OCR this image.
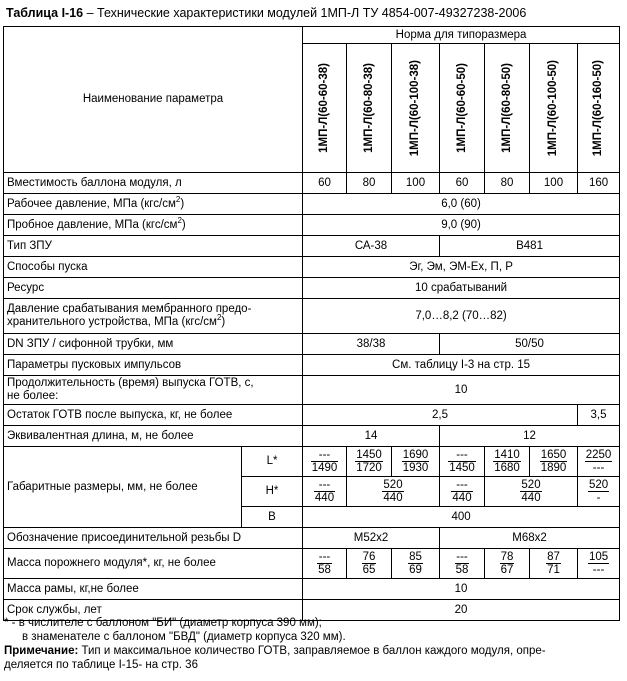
Таблица I-16 – Технические характеристики модулей 1МП-Л ТУ 4854-007-49327238-2006
Наименование параметра		Норма для типоразмера						

		1МП-Л(60-60-38)	1МП-Л(60-80-38)	1МП-Л(60-100-38)	1МП-Л(60-60-50)	1МП-Л(60-80-50)	1МП-Л(60-100-50)	1МП-Л(60-160-50)

Вместимость баллона модуля, л		60	80	100	60	80	100	160
Рабочее давление, МПа $(кгс/см^2)$		6,0 (60)						
Пробное давление, МПа $(кгс/см^2)$		9,0 (90)						
Тип ЗПУ		СА-38			В481			
Способы пуска		Эг, Эм, ЭМ-Ех, П, Р						
Ресурс		10 срабатываний						
Давление срабатывания мембранного предо-
хранительного устройства, МПа $(кгс/см^2)$		7,0…8,2 (70…82)						
DN ЗПУ / сифонной трубки, мм		38/38			50/50			
Параметры пусковых импульсов		См. таблицу I-3 на стр. 15						
Продолжительность (время) выпуска ГОТВ, с,
не более:		10						
Остаток ГОТВ после выпуска, кг, не более		2,5						3,5
Эквивалентная длина, м, не более		14			12			
Габаритные размеры, мм, не более	L*	$\frac{---}{1490}$	$\frac{1450}{1720}$	$\frac{1690}{1930}$	$\frac{---}{1450}$	$\frac{1410}{1680}$	$\frac{1650}{1890}$	$\frac{2250}{---}$

	H*	$\frac{---}{440}$	$\frac{520}{440}$		$\frac{---}{440}$	$\frac{520}{440}$		$\frac{520}{-}$

	B	400						
Обозначение присоединительной резьбы D		М52х2			М68х2			
Масса порожнего модуля*, кг, не более		$\frac{---}{58}$	$\frac{76}{65}$	$\frac{85}{69}$	$\frac{---}{58}$	$\frac{78}{67}$	$\frac{87}{71}$	$\frac{105}{---}$

Масса рамы, кг,не более		10						
Срок службы, лет		20						
* - в числителе с баллоном "БИ" (диаметр корпуса 390 мм);
в знаменателе с баллоном "БВД" (диаметр корпуса 320 мм).
Примечание: Тип и максимальное количество ГОТВ, заправляемое в баллон каждого модуля, опре-
деляется по таблице I-15- на стр. 36
